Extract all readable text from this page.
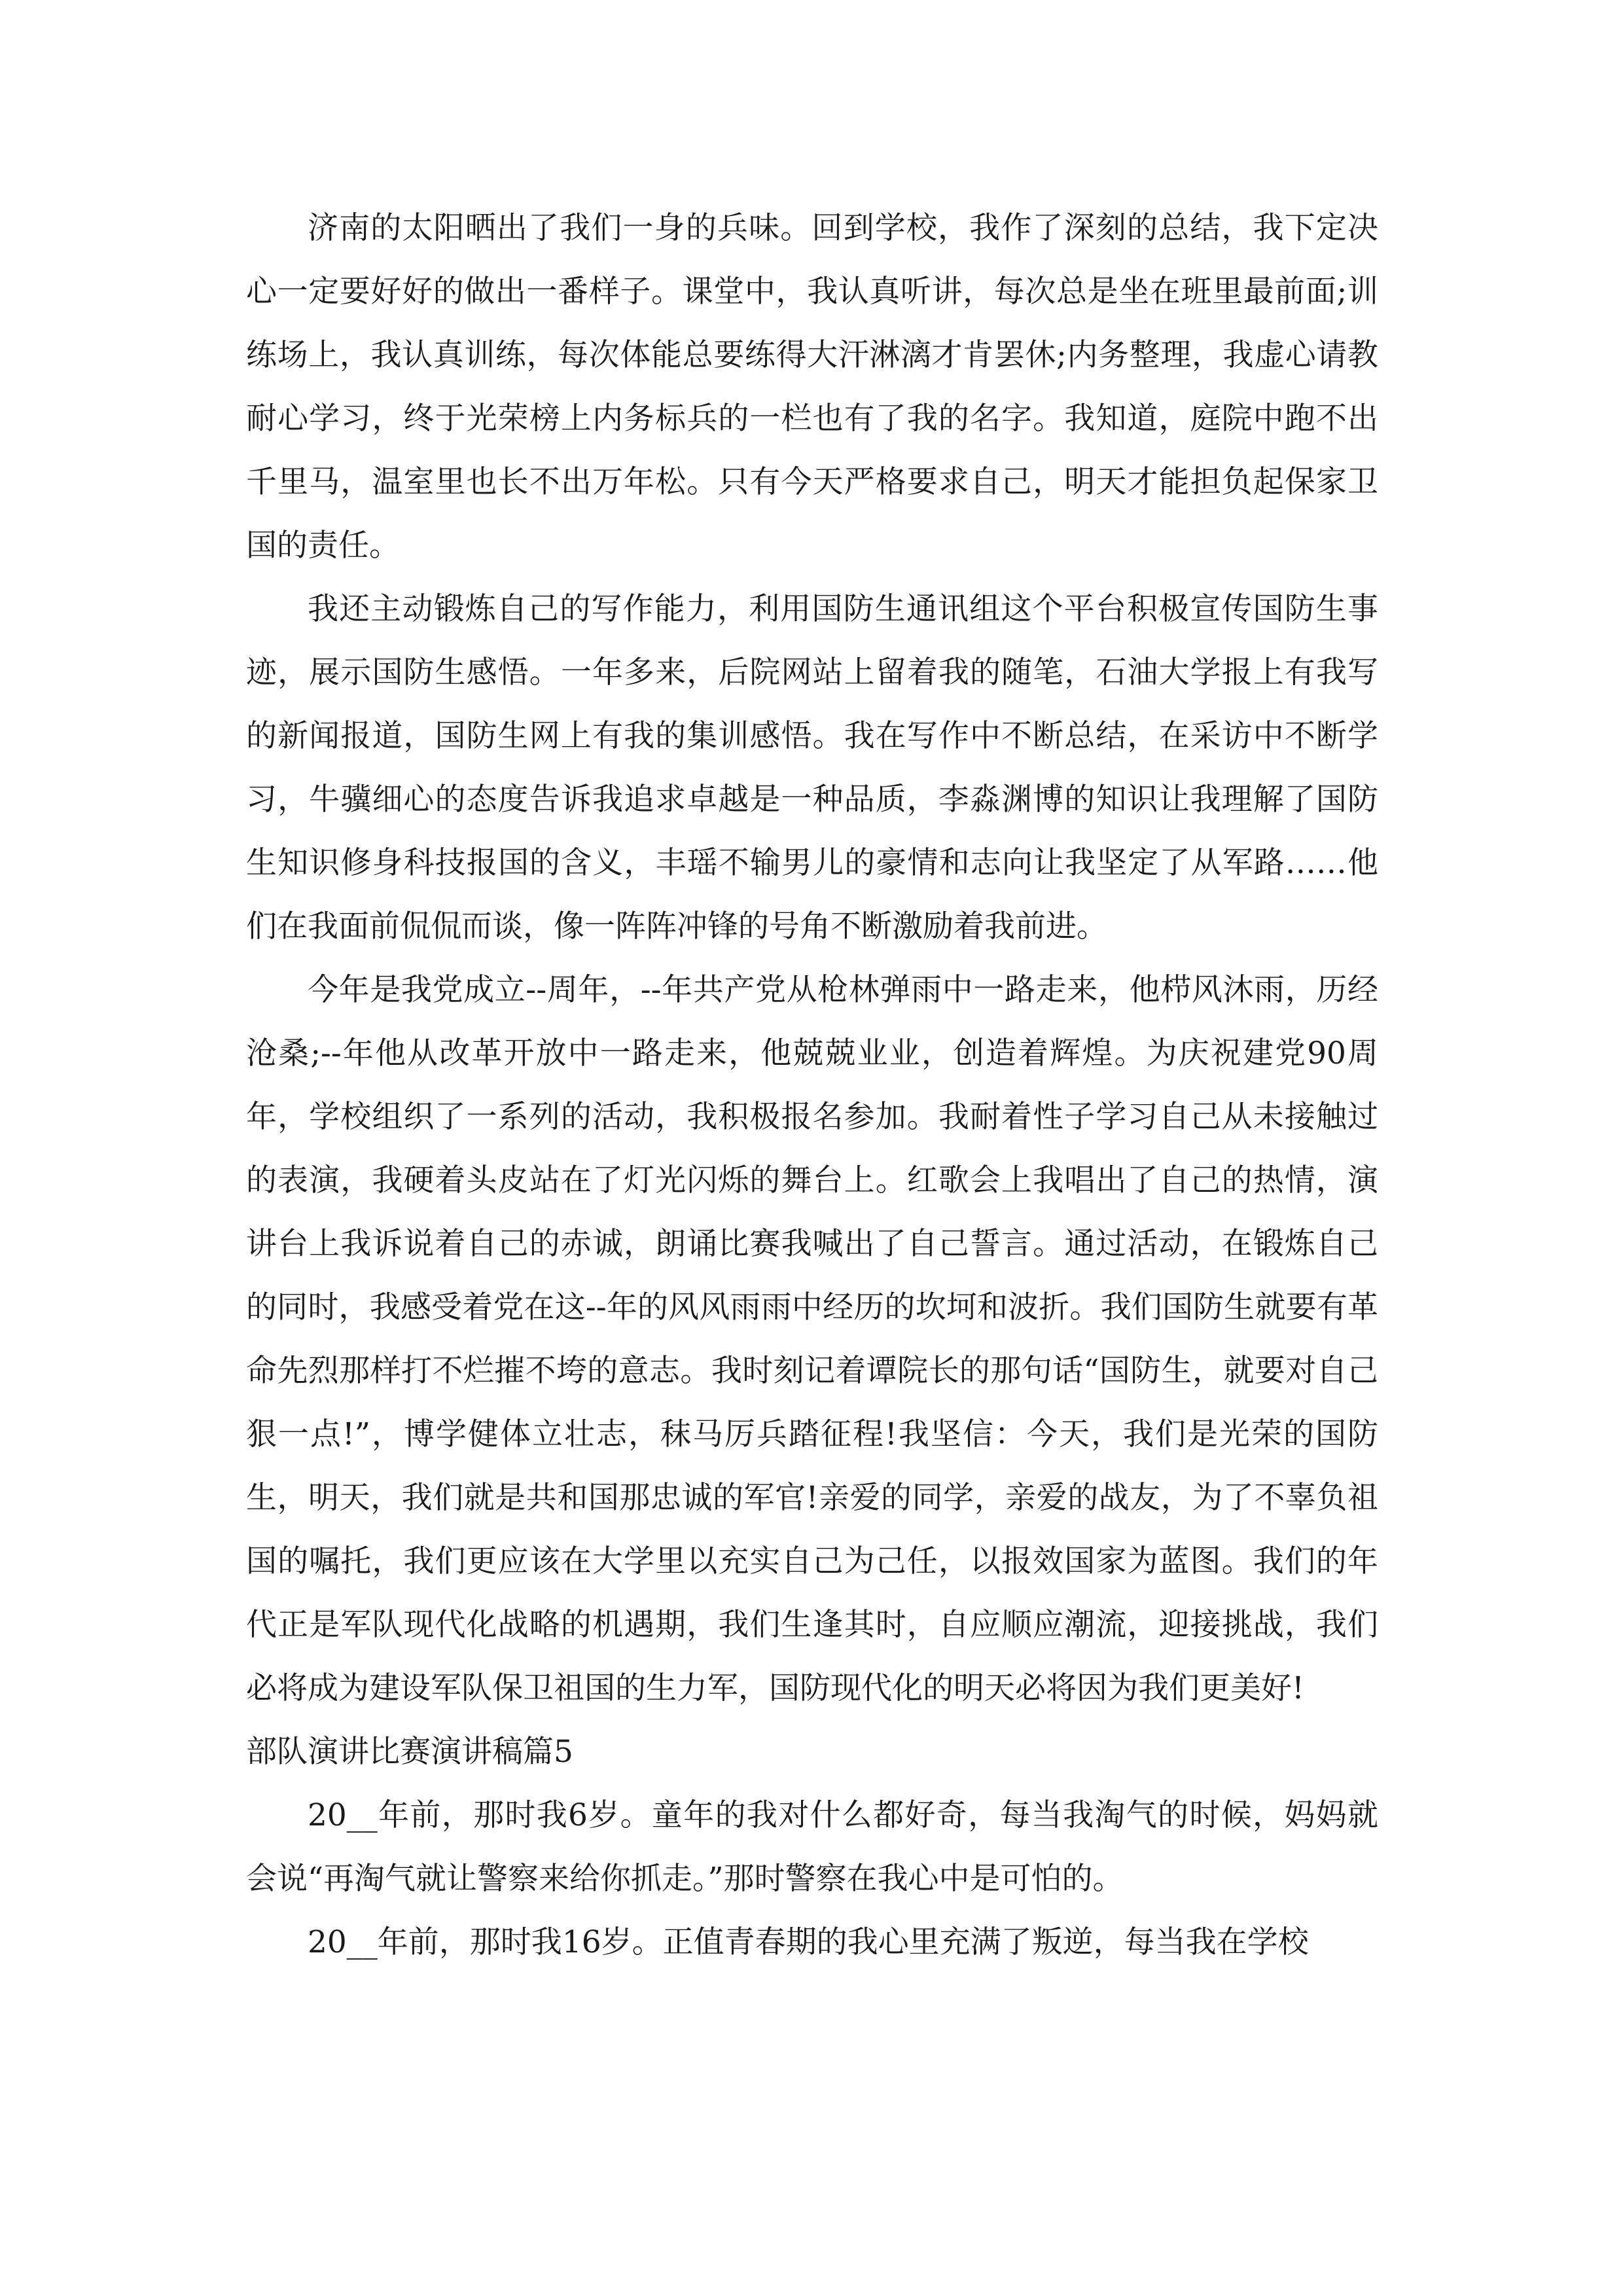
济南的太阳晒出了我们一身的兵味。回到学校，我作了深刻的总结，我下定决心一定要好好的做出一番样子。课堂中，我认真听讲，每次总是坐在班里最前面;训练场上，我认真训练，每次体能总要练得大汗淋漓才肯罢休;内务整理，我虚心请教耐心学习，终于光荣榜上内务标兵的一栏也有了我的名字。我知道，庭院中跑不出千里马，温室里也长不出万年松。只有今天严格要求自己，明天才能担负起保家卫国的责任。

我还主动锻炼自己的写作能力，利用国防生通讯组这个平台积极宣传国防生事迹，展示国防生感悟。一年多来，后院网站上留着我的随笔，石油大学报上有我写的新闻报道，国防生网上有我的集训感悟。我在写作中不断总结，在采访中不断学习，牛骥细心的态度告诉我追求卓越是一种品质，李淼渊博的知识让我理解了国防生知识修身科技报国的含义，丰瑶不输男儿的豪情和志向让我坚定了从军路……他们在我面前侃侃而谈，像一阵阵冲锋的号角不断激励着我前进。

今年是我党成立--周年，--年共产党从枪林弹雨中一路走来，他栉风沐雨，历经沧桑;--年他从改革开放中一路走来，他兢兢业业，创造着辉煌。为庆祝建党90周年，学校组织了一系列的活动，我积极报名参加。我耐着性子学习自己从未接触过的表演，我硬着头皮站在了灯光闪烁的舞台上。红歌会上我唱出了自己的热情，演讲台上我诉说着自己的赤诚，朗诵比赛我喊出了自己誓言。通过活动，在锻炼自己的同时，我感受着党在这--年的风风雨雨中经历的坎坷和波折。我们国防生就要有革命先烈那样打不烂摧不垮的意志。我时刻记着谭院长的那句话“国防生，就要对自己狠一点!”，博学健体立壮志，秣马厉兵踏征程!我坚信：今天，我们是光荣的国防生，明天，我们就是共和国那忠诚的军官!亲爱的同学，亲爱的战友，为了不辜负祖国的嘱托，我们更应该在大学里以充实自己为己任，以报效国家为蓝图。我们的年代正是军队现代化战略的机遇期，我们生逢其时，自应顺应潮流，迎接挑战，我们必将成为建设军队保卫祖国的生力军，国防现代化的明天必将因为我们更美好!

部队演讲比赛演讲稿篇5

20__年前，那时我6岁。童年的我对什么都好奇，每当我淘气的时候，妈妈就会说“再淘气就让警察来给你抓走。”那时警察在我心中是可怕的。

20__年前，那时我16岁。正值青春期的我心里充满了叛逆，每当我在学校
